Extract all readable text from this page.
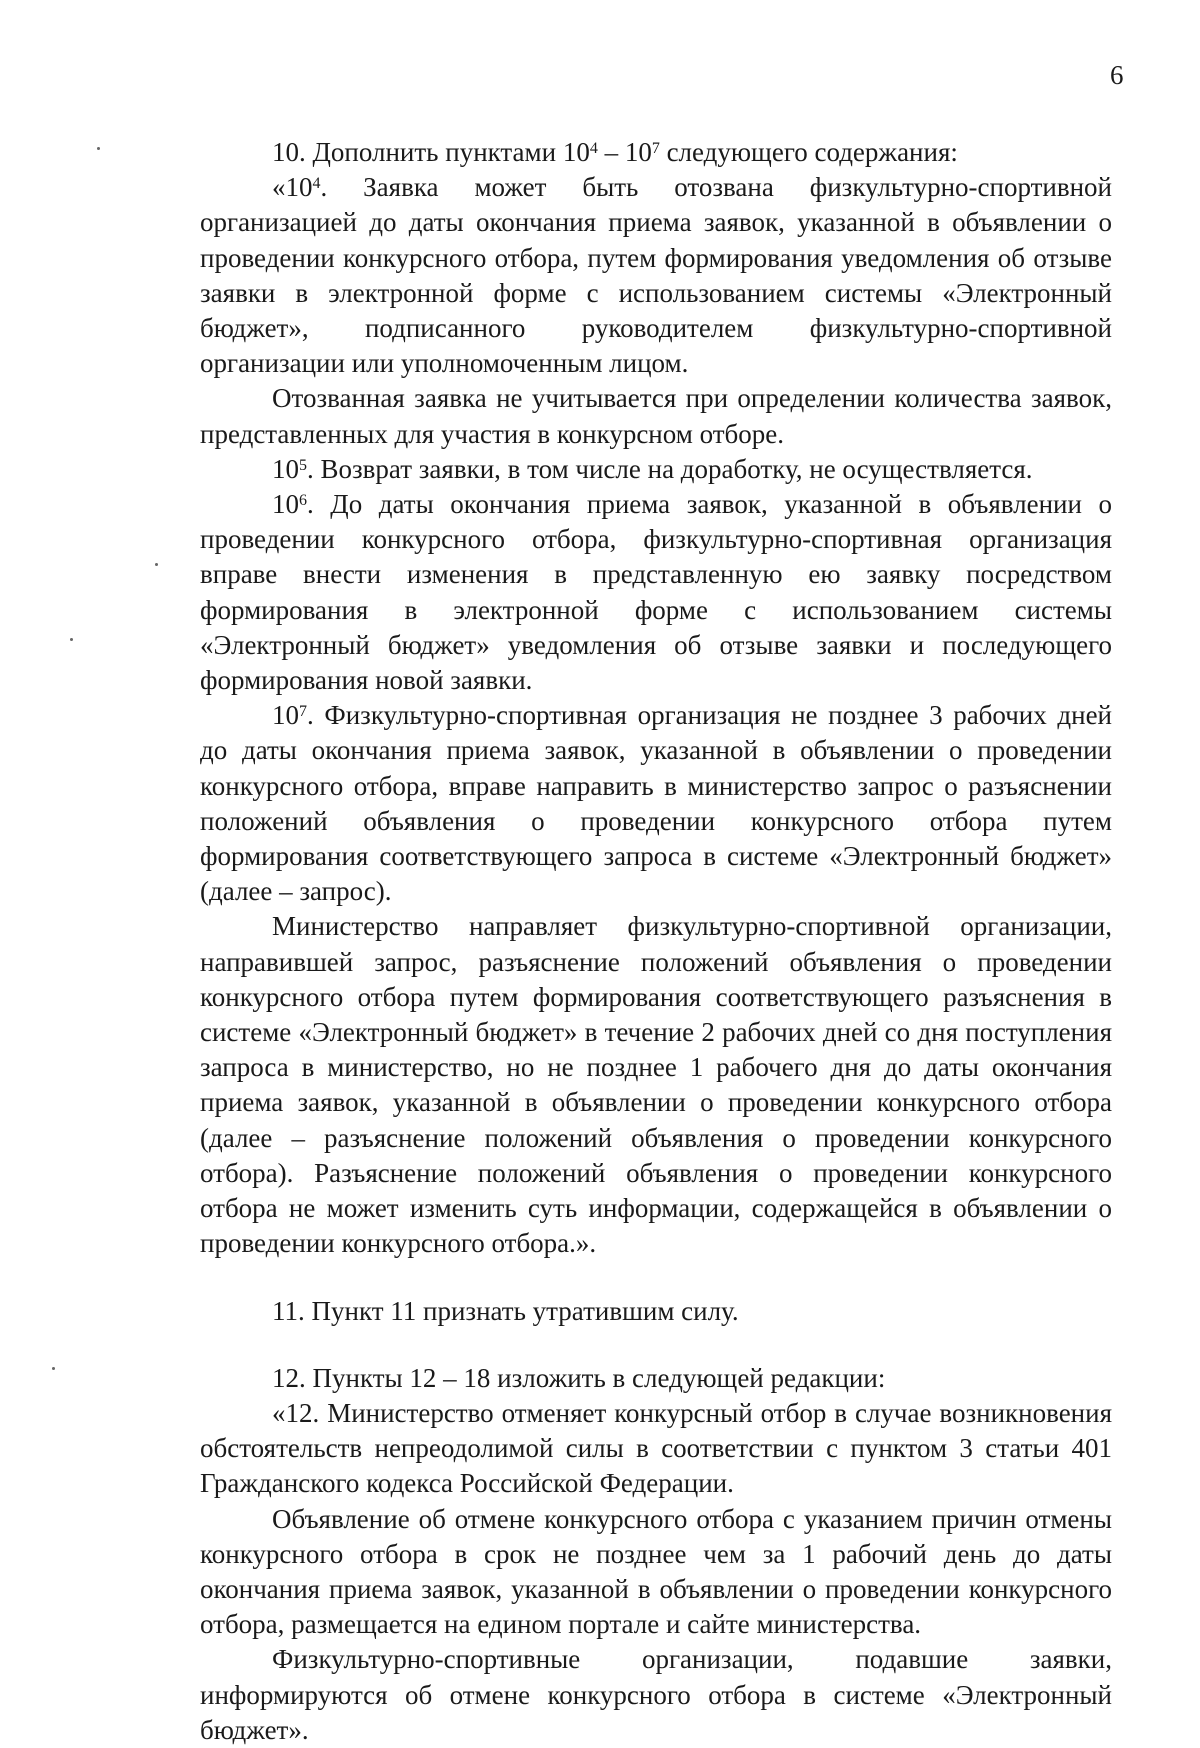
6

10. Дополнить пунктами $10^4 - 10^7$ следующего содержания:

«$10^4$. Заявка может быть отозвана физкультурно-спортивной организацией до даты окончания приема заявок, указанной в объявлении о проведении конкурсного отбора, путем формирования уведомления об отзыве заявки в электронной форме с использованием системы «Электронный бюджет», подписанного руководителем физкультурно-спортивной организации или уполномоченным лицом.

Отозванная заявка не учитывается при определении количества заявок, представленных для участия в конкурсном отборе.

$10^5$. Возврат заявки, в том числе на доработку, не осуществляется.

$10^6$. До даты окончания приема заявок, указанной в объявлении о проведении конкурсного отбора, физкультурно-спортивная организация вправе внести изменения в представленную ею заявку посредством формирования в электронной форме с использованием системы «Электронный бюджет» уведомления об отзыве заявки и последующего формирования новой заявки.

$10^7$. Физкультурно-спортивная организация не позднее 3 рабочих дней до даты окончания приема заявок, указанной в объявлении о проведении конкурсного отбора, вправе направить в министерство запрос о разъяснении положений объявления о проведении конкурсного отбора путем формирования соответствующего запроса в системе «Электронный бюджет» (далее – запрос).

Министерство направляет физкультурно-спортивной организации, направившей запрос, разъяснение положений объявления о проведении конкурсного отбора путем формирования соответствующего разъяснения в системе «Электронный бюджет» в течение 2 рабочих дней со дня поступления запроса в министерство, но не позднее 1 рабочего дня до даты окончания приема заявок, указанной в объявлении о проведении конкурсного отбора (далее – разъяснение положений объявления о проведении конкурсного отбора). Разъяснение положений объявления о проведении конкурсного отбора не может изменить суть информации, содержащейся в объявлении о проведении конкурсного отбора.».

11. Пункт 11 признать утратившим силу.

12. Пункты 12 – 18 изложить в следующей редакции:

«12. Министерство отменяет конкурсный отбор в случае возникновения обстоятельств непреодолимой силы в соответствии с пунктом 3 статьи 401 Гражданского кодекса Российской Федерации.

Объявление об отмене конкурсного отбора с указанием причин отмены конкурсного отбора в срок не позднее чем за 1 рабочий день до даты окончания приема заявок, указанной в объявлении о проведении конкурсного отбора, размещается на едином портале и сайте министерства.

Физкультурно-спортивные организации, подавшие заявки, информируются об отмене конкурсного отбора в системе «Электронный бюджет».
